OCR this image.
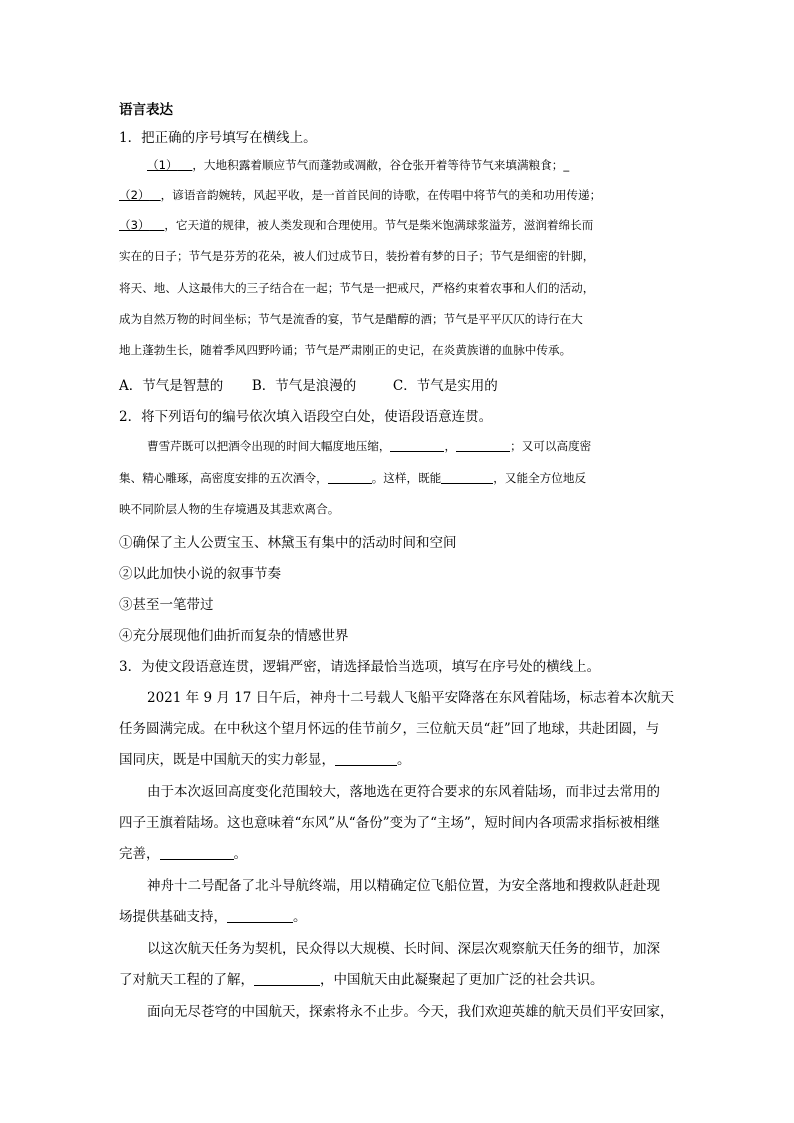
语言表达
1．把正确的序号填写在横线上。
（1） ，大地积露着顺应节气而蓬勃或凋敝，谷仓张开着等待节气来填满粮食；_
（2） ，谚语音韵婉转，风起平收，是一首首民间的诗歌，在传唱中将节气的美和功用传递；
（3） ，它天道的规律，被人类发现和合理使用。节气是柴米饱满球浆溢芳，滋润着绵长而
实在的日子；节气是芬芳的花朵，被人们过成节日，装扮着有梦的日子；节气是细密的针脚，
将天、地、人这最伟大的三子结合在一起；节气是一把戒尺，严格约束着农事和人们的活动，
成为自然万物的时间坐标；节气是流香的宴，节气是醋醇的酒；节气是平平仄仄的诗行在大
地上蓬勃生长，随着季风四野吟诵；节气是严肃刚正的史记，在炎黄族谱的血脉中传承。
A．节气是智慧的 B．节气是浪漫的	C．节气是实用的
2．将下列语句的编号依次填入语段空白处，使语段语意连贯。
曹雪芹既可以把酒令出现的时间大幅度地压缩，	，	；又可以高度密
集、精心雕琢，高密度安排的五次酒令，	。这样，既能	，又能全方位地反
映不同阶层人物的生存境遇及其悲欢离合。
①确保了主人公贾宝玉、林黛玉有集中的活动时间和空间
②以此加快小说的叙事节奏
③甚至一笔带过
④充分展现他们曲折而复杂的情感世界
3．为使文段语意连贯，逻辑严密，请选择最恰当选项，填写在序号处的横线上。
2021 年 9 月 17 日午后，神舟十二号载人飞船平安降落在东风着陆场，标志着本次航天
任务圆满完成。在中秋这个望月怀远的佳节前夕，三位航天员“赶”回了地球，共赴团圆，与
国同庆，既是中国航天的实力彰显，	。
由于本次返回高度变化范围较大，落地选在更符合要求的东风着陆场，而非过去常用的
四子王旗着陆场。这也意味着“东风”从“备份”变为了“主场”，短时间内各项需求指标被相继
完善，	。
神舟十二号配备了北斗导航终端，用以精确定位飞船位置，为安全落地和搜救队赶赴现
场提供基础支持，	。
以这次航天任务为契机，民众得以大规模、长时间、深层次观察航天任务的细节，加深
了对航天工程的了解，	，中国航天由此凝聚起了更加广泛的社会共识。
面向无尽苍穹的中国航天，探索将永不止步。今天，我们欢迎英雄的航天员们平安回家，
